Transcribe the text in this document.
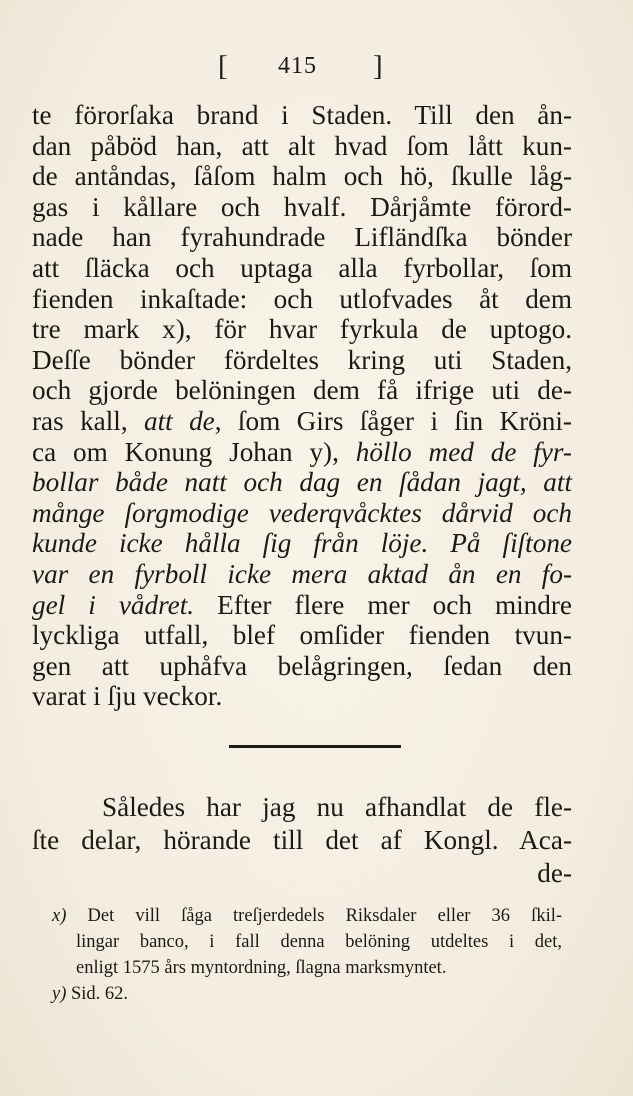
[ 415 ]
te förorſaka brand i Staden. Till den ån-
dan påböd han, att alt hvad ſom lått kun-
de antåndas, ſåſom halm och hö, ſkulle låg-
gas i kållare och hvalf. Dårjåmte förord-
nade han fyrahundrade Lifländſka bönder
att ſläcka och uptaga alla fyrbollar, ſom
fienden inkaſtade: och utlofvades åt dem
tre mark x), för hvar fyrkula de uptogo.
Deſſe bönder fördeltes kring uti Staden,
och gjorde belöningen dem få ifrige uti de-
ras kall, att de, ſom Girs ſåger i ſin Kröni-
ca om Konung Johan y), höllo med de fyr-
bollar både natt och dag en ſådan jagt, att
månge ſorgmodige vederqvåcktes dårvid och
kunde icke hålla ſig från löje. På ſiſtone
var en fyrboll icke mera aktad ån en fo-
gel i vådret. Efter flere mer och mindre
lyckliga utfall, blef omſider fienden tvun-
gen att uphåfva belågringen, ſedan den
varat i ſju veckor.
Således har jag nu afhandlat de fle-
ſte delar, hörande till det af Kongl. Aca-
de-
x) Det vill ſåga treſjerdedels Riksdaler eller 36 ſkil-
lingar banco, i fall denna belöning utdeltes i det,
enligt 1575 års myntordning, ſlagna marksmyntet.
y) Sid. 62.
